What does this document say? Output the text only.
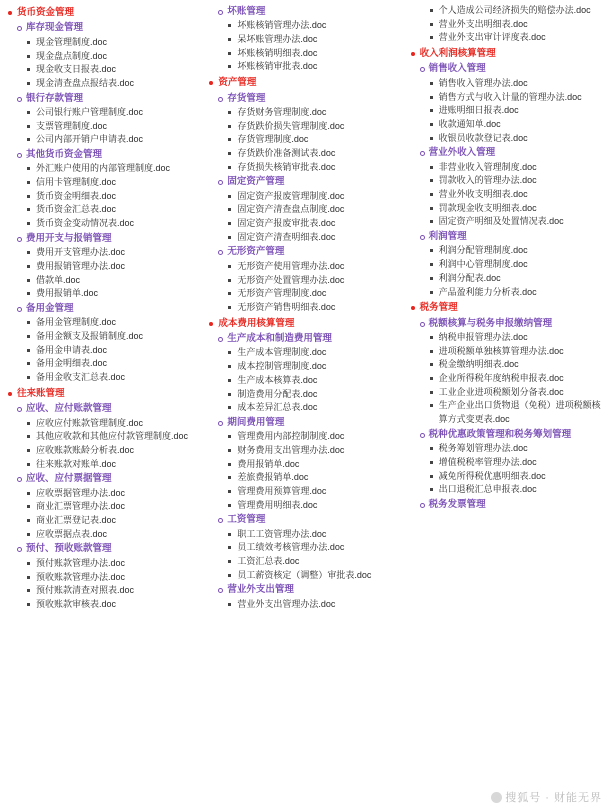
货币资金管理
库存现金管理
现金管理制度.doc
现金盘点制度.doc
现金收支日报表.doc
现金清查盘点报结表.doc
银行存款管理
公司银行账户管理制度.doc
支票管理制度.doc
公司内部开销户申请表.doc
其他货币资金管理
外汇账户使用的内部管理制度.doc
信用卡管理制度.doc
货币资金明细表.doc
货币资金汇总表.doc
货币资金变动情况表.doc
费用开支与报销管理
费用开支管理办法.doc
费用报销管理办法.doc
借款单.doc
费用报销单.doc
备用金管理
备用金管理制度.doc
备用金额支及报销制度.doc
备用金申请表.doc
备用金明细表.doc
备用金收支汇总表.doc
往来账管理
应收、应付账款管理
应收应付账款管理制度.doc
其他应收款和其他应付款管理制度.doc
应收账款账龄分析表.doc
往来账款对账单.doc
应收、应付票据管理
应收票据管理办法.doc
商业汇票管理办法.doc
商业汇票登记表.doc
应收票据点表.doc
预付、预收账款管理
预付账款管理办法.doc
预收账款管理办法.doc
预付账款清查对照表.doc
预收账款审核表.doc
坏账管理
坏账核销管理办法.doc
呆坏账管理办法.doc
坏账核销明细表.doc
坏账核销审批表.doc
资产管理
存货管理
存货财务管理制度.doc
存货跌价损失管理制度.doc
存货管理制度.doc
存货跌价准备测试表.doc
存货损失核销审批表.doc
固定资产管理
固定资产报废管理制度.doc
固定资产清查盘点制度.doc
固定资产报废审批表.doc
固定资产清查明细表.doc
无形资产管理
无形资产使用管理办法.doc
无形资产处置管理办法.doc
无形资产管理制度.doc
无形资产销售明细表.doc
成本费用核算管理
生产成本和制造费用管理
生产成本管理制度.doc
成本控制管理制度.doc
生产成本核算表.doc
制造费用分配表.doc
成本差异汇总表.doc
期间费用管理
管理费用内部控制制度.doc
财务费用支出管理办法.doc
费用报销单.doc
差旅费报销单.doc
管理费用预算管理.doc
管理费用明细表.doc
工资管理
职工工资管理办法.doc
员工绩效考核管理办法.doc
工资汇总表.doc
员工薪资核定（调整）审批表.doc
营业外支出管理
营业外支出管理办法.doc
个人造成公司经济损失的赔偿办法.doc
营业外支出明细表.doc
营业外支出审计评度表.doc
收入利润核算管理
销售收入管理
销售收入管理办法.doc
销售方式与收入计量的管理办法.doc
进账明细日报表.doc
收款通知单.doc
收银员收款登记表.doc
营业外收入管理
非营业收入管理制度.doc
罚款收入的管理办法.doc
营业外收支明细表.doc
罚款现金收支明细表.doc
固定资产明细及处置情况表.doc
利润管理
利润分配管理制度.doc
利润中心管理制度.doc
利润分配表.doc
产品盈利能力分析表.doc
税务管理
税额核算与税务申报缴纳管理
纳税申报管理办法.doc
进项税额单独核算管理办法.doc
税金缴纳明细表.doc
企业所得税年度纳税申报表.doc
工业企业进项税额划分备表.doc
生产企业出口货物退（免税）进项税额核算方式变更表.doc
税种优惠政策管理和税务筹划管理
税务筹划管理办法.doc
增值税税率管理办法.doc
减免所得税优惠明细表.doc
出口退税汇总申报表.doc
税务发票管理
搜狐号 · 财能无界
